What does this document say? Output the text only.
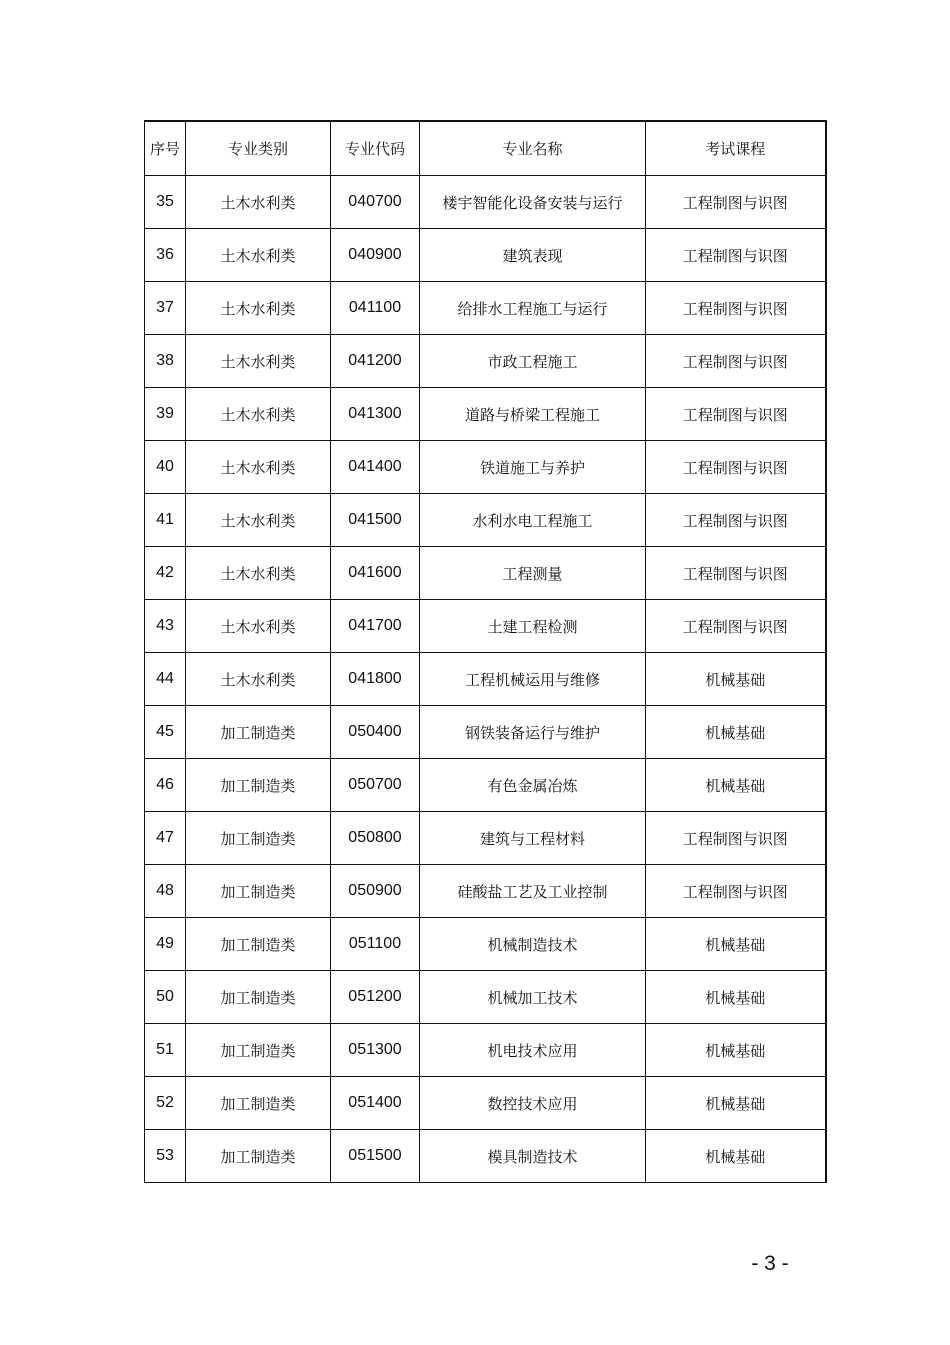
序号	专业类别	专业代码	专业名称	考试课程
35	土木水利类	040700	楼宇智能化设备安装与运行	工程制图与识图
36	土木水利类	040900	建筑表现	工程制图与识图
37	土木水利类	041100	给排水工程施工与运行	工程制图与识图
38	土木水利类	041200	市政工程施工	工程制图与识图
39	土木水利类	041300	道路与桥梁工程施工	工程制图与识图
40	土木水利类	041400	铁道施工与养护	工程制图与识图
41	土木水利类	041500	水利水电工程施工	工程制图与识图
42	土木水利类	041600	工程测量	工程制图与识图
43	土木水利类	041700	土建工程检测	工程制图与识图
44	土木水利类	041800	工程机械运用与维修	机械基础
45	加工制造类	050400	钢铁装备运行与维护	机械基础
46	加工制造类	050700	有色金属冶炼	机械基础
47	加工制造类	050800	建筑与工程材料	工程制图与识图
48	加工制造类	050900	硅酸盐工艺及工业控制	工程制图与识图
49	加工制造类	051100	机械制造技术	机械基础
50	加工制造类	051200	机械加工技术	机械基础
51	加工制造类	051300	机电技术应用	机械基础
52	加工制造类	051400	数控技术应用	机械基础
53	加工制造类	051500	模具制造技术	机械基础
- 3 -
